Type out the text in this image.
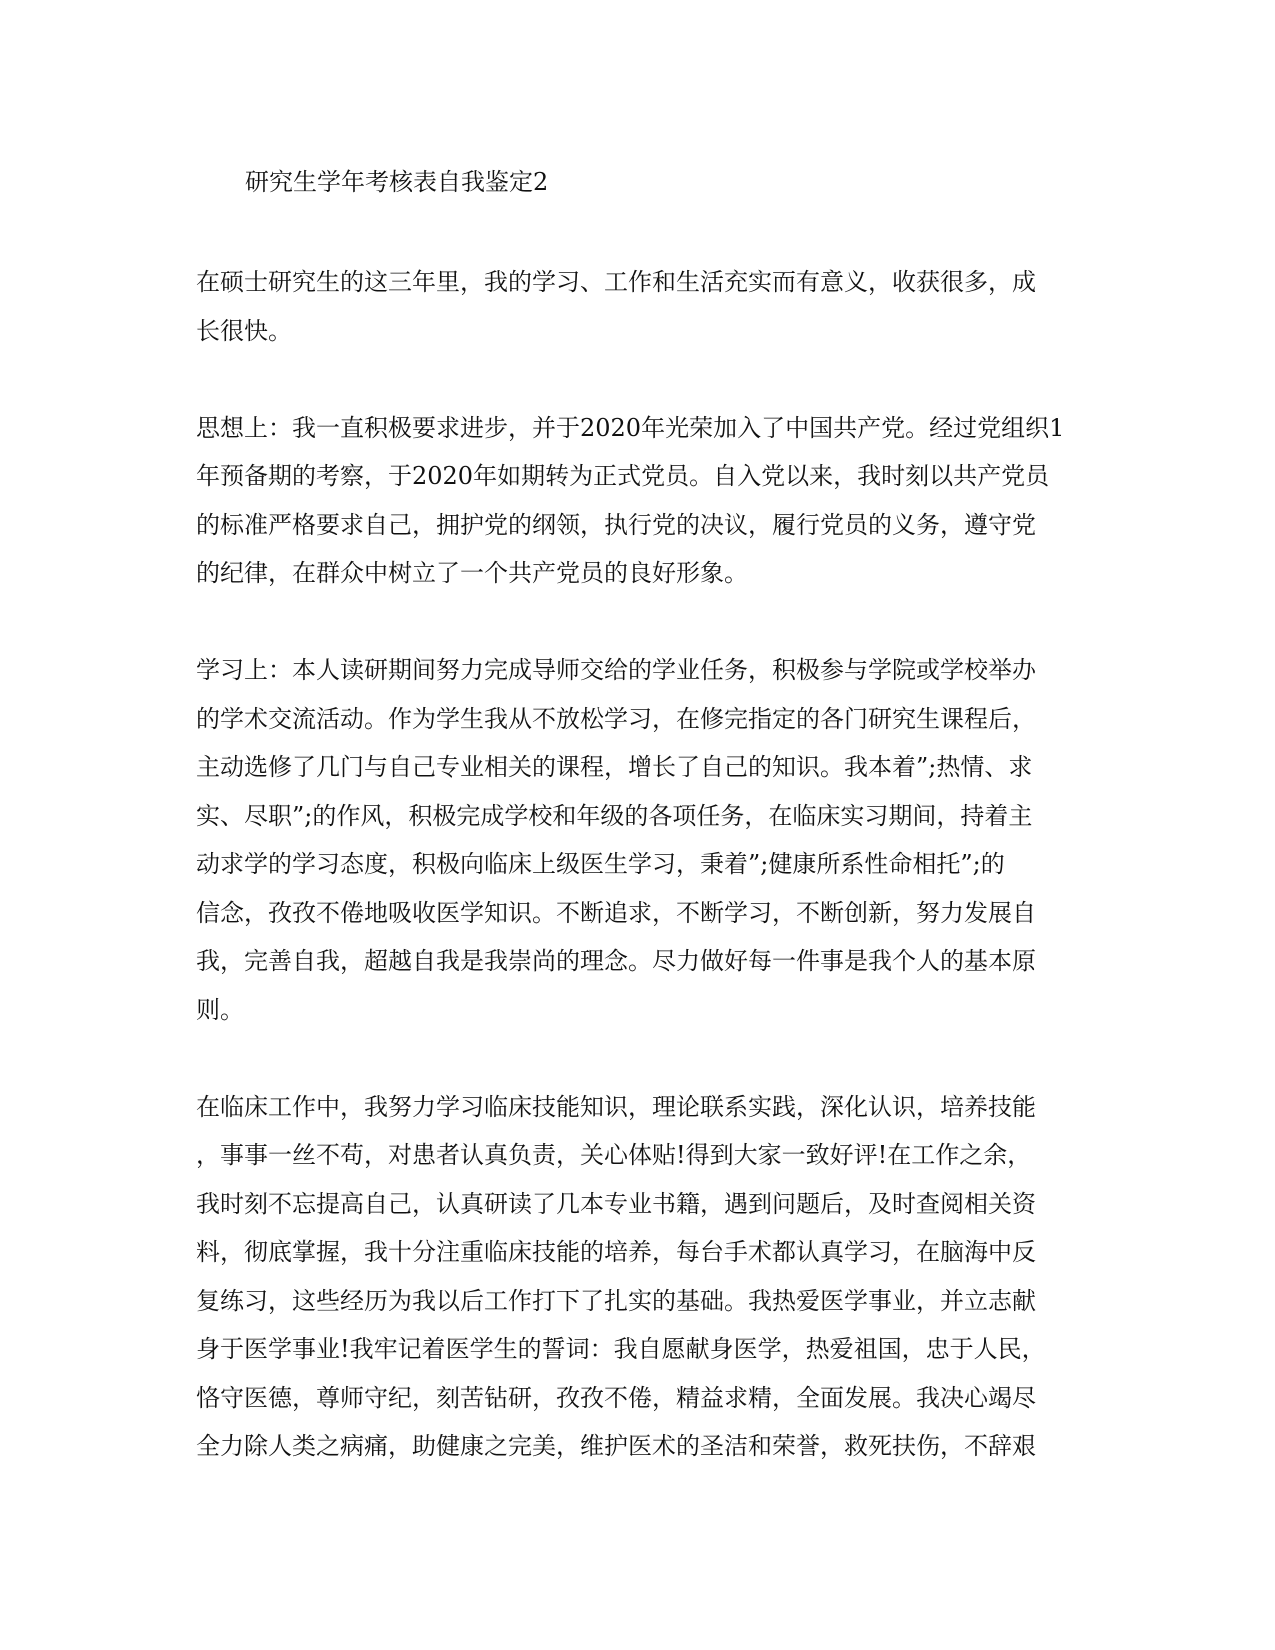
研究生学年考核表自我鉴定2

在硕士研究生的这三年里，我的学习、工作和生活充实而有意义，收获很多，成
长很快。

思想上：我一直积极要求进步，并于2020年光荣加入了中国共产党。经过党组织1
年预备期的考察，于2020年如期转为正式党员。自入党以来，我时刻以共产党员
的标准严格要求自己，拥护党的纲领，执行党的决议，履行党员的义务，遵守党
的纪律，在群众中树立了一个共产党员的良好形象。

学习上：本人读研期间努力完成导师交给的学业任务，积极参与学院或学校举办
的学术交流活动。作为学生我从不放松学习，在修完指定的各门研究生课程后，
主动选修了几门与自己专业相关的课程，增长了自己的知识。我本着”;热情、求
实、尽职”;的作风，积极完成学校和年级的各项任务，在临床实习期间，持着主
动求学的学习态度，积极向临床上级医生学习，秉着”;健康所系性命相托”;的
信念，孜孜不倦地吸收医学知识。不断追求，不断学习，不断创新，努力发展自
我，完善自我，超越自我是我崇尚的理念。尽力做好每一件事是我个人的基本原
则。

在临床工作中，我努力学习临床技能知识，理论联系实践，深化认识，培养技能
，事事一丝不苟，对患者认真负责，关心体贴!得到大家一致好评!在工作之余，
我时刻不忘提高自己，认真研读了几本专业书籍，遇到问题后，及时查阅相关资
料，彻底掌握，我十分注重临床技能的培养，每台手术都认真学习，在脑海中反
复练习，这些经历为我以后工作打下了扎实的基础。我热爱医学事业，并立志献
身于医学事业!我牢记着医学生的誓词：我自愿献身医学，热爱祖国，忠于人民，
恪守医德，尊师守纪，刻苦钻研，孜孜不倦，精益求精，全面发展。我决心竭尽
全力除人类之病痛，助健康之完美，维护医术的圣洁和荣誉，救死扶伤，不辞艰
